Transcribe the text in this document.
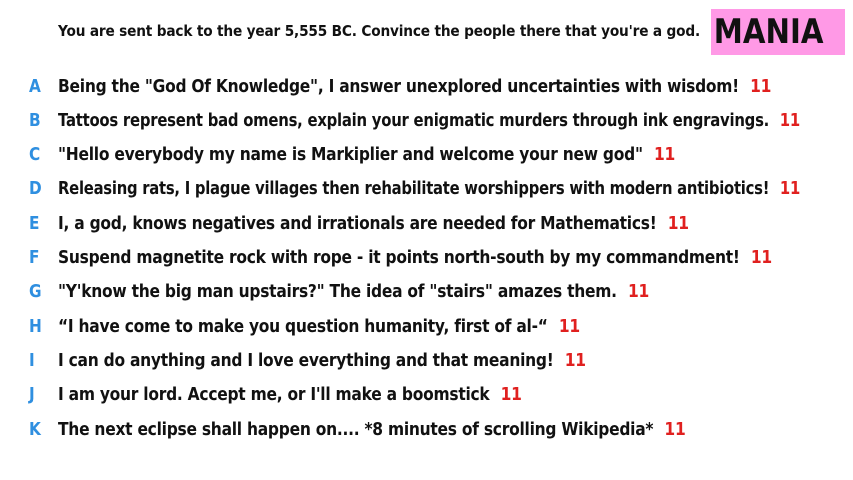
You are sent back to the year 5,555 BC. Convince the people there that you're a god. MANIA
A Being the "God Of Knowledge", I answer unexplored uncertainties with wisdom! 11
B Tattoos represent bad omens, explain your enigmatic murders through ink engravings. 11
C "Hello everybody my name is Markiplier and welcome your new god" 11
D Releasing rats, I plague villages then rehabilitate worshippers with modern antibiotics! 11
E	I, a god, knows negatives and irrationals are needed for Mathematics! 11
F	Suspend magnetite rock with rope - it points north-south by my commandment! 11
G "Y'know the big man upstairs?" The idea of "stairs" amazes them. 11
H “I have come to make you question humanity, first of al-“ 11
I	I can do anything and I love everything and that meaning! 11
J	I am your lord. Accept me, or I'll make a boomstick 11
K The next eclipse shall happen on.... *8 minutes of scrolling Wikipedia* 11
